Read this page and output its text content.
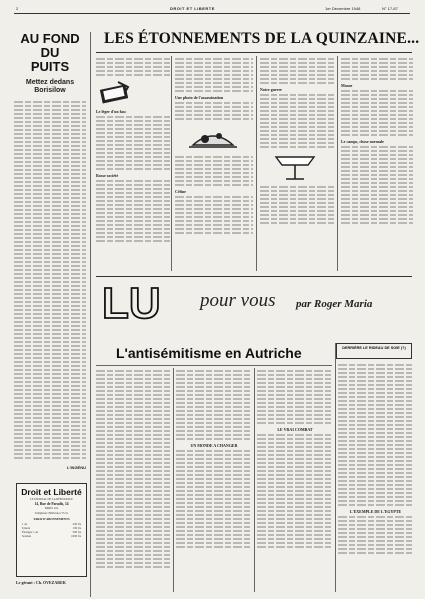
2	DROIT ET LIBERTE	1er Décembre 1948	N° 17-87
AU FOND
DU
PUITS
Mettez dedans
Borisilow
L'INGÉNU
Droit et Liberté
LE JOURNAL DE LA RÉSISTANCE
14, Rue de Paradis, 14
PARIS 10e
Téléphone: PROvence 55-51
TARIF D'ABONNEMENTS
1 an	250 frs
6 mois	130 frs
Étranger 1 an	500 frs
Soutien	1000 frs
Le gérant : Ch. OVEZAREK
LES ÉTONNEMENTS DE LA QUINZAINE...
Le léger d'un fasc
Rosse société
Une photo de l'assassination
Céline
Notre guerre
Mosne
Le camps, chose normale
LU pour vous par Roger Maria
L'antisémitisme en Autriche	DERRIÈRE LE RIDEAU DE SOIE (?)
UN MONDE A CHANGER
LE VRAI COMBAT
L'EXEMPLE DE L'EGYPTE
